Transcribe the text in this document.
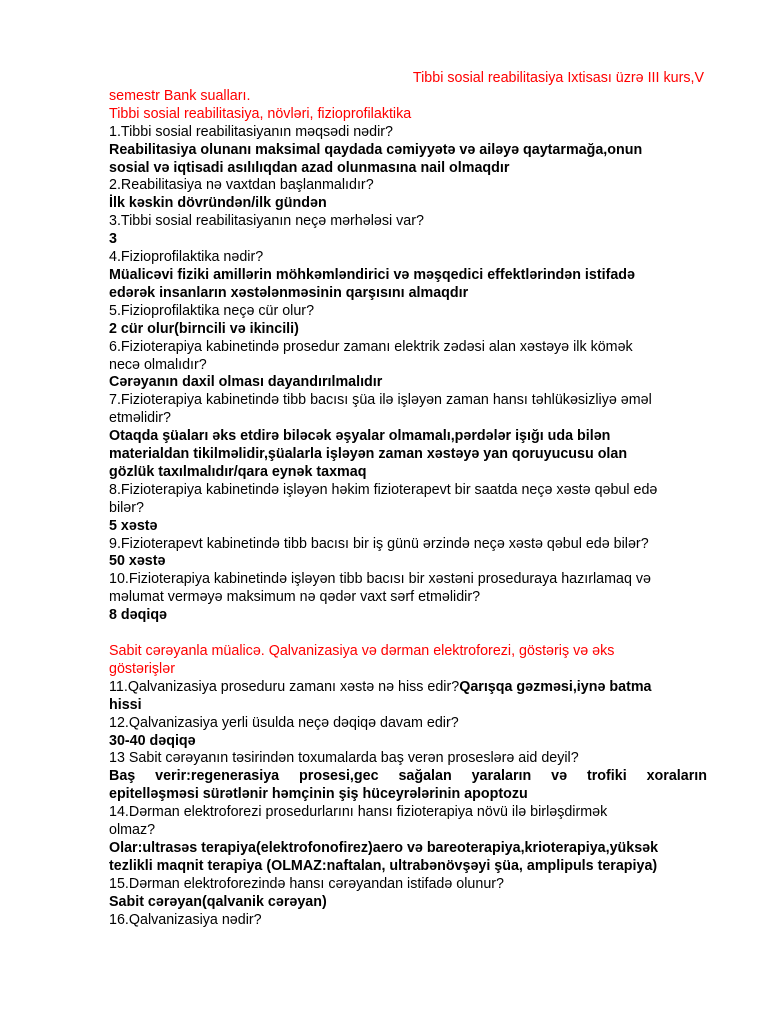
Tibbi sosial reabilitasiya Ixtisası üzrə III kurs,V
semestr Bank sualları.
Tibbi sosial reabilitasiya, növləri, fizioprofilaktika
1.Tibbi sosial reabilitasiyanın məqsədi nədir?
Reabilitasiya olunanı maksimal qaydada cəmiyyətə və ailəyə qaytarmağa,onun
sosial və iqtisadi asılılıqdan azad olunmasına nail olmaqdır
2.Reabilitasiya nə vaxtdan başlanmalıdır?
İlk kəskin dövründən/ilk gündən
3.Tibbi sosial reabilitasiyanın neçə mərhələsi var?
3
4.Fizioprofilaktika nədir?
Müalicəvi fiziki amillərin möhkəmləndirici və məşqedici effektlərindən istifadə
edərək insanların xəstələnməsinin qarşısını almaqdır
5.Fizioprofilaktika neçə cür olur?
2 cür olur(birncili və ikincili)
6.Fizioterapiya kabinetində prosedur zamanı elektrik zədəsi alan xəstəyə ilk kömək
necə olmalıdır?
Cərəyanın daxil olması dayandırılmalıdır
7.Fizioterapiya kabinetində tibb bacısı şüa ilə işləyən zaman hansı təhlükəsizliyə əməl
etməlidir?
Otaqda şüaları əks etdirə biləcək əşyalar olmamalı,pərdələr işığı uda bilən
materialdan tikilməlidir,şüalarla işləyən zaman xəstəyə yan qoruyucusu olan
gözlük taxılmalıdır/qara eynək taxmaq
8.Fizioterapiya kabinetində işləyən həkim fizioterapevt bir saatda neçə xəstə qəbul edə
bilər?
5 xəstə
9.Fizioterapevt kabinetində tibb bacısı bir iş günü ərzində neçə xəstə qəbul edə bilər?
50 xəstə
10.Fizioterapiya kabinetində işləyən tibb bacısı bir xəstəni proseduraya hazırlamaq və
məlumat verməyə maksimum nə qədər vaxt sərf etməlidir?
8 dəqiqə
Sabit cərəyanla müalicə. Qalvanizasiya və dərman elektroforezi, göstəriş və əks
göstərişlər
11.Qalvanizasiya proseduru zamanı xəstə nə hiss edir?Qarışqa gəzməsi,iynə batma
hissi
12.Qalvanizasiya yerli üsulda neçə dəqiqə davam edir?
30-40 dəqiqə
13 Sabit cərəyanın təsirindən toxumalarda baş verən proseslərə aid deyil?
Baş verir:regenerasiya prosesi,gec sağalan yaraların və trofiki xoraların
epitelləşməsi sürətlənir həmçinin şiş hüceyrələrinin apoptozu
14.Dərman elektroforezi prosedurlarını hansı fizioterapiya növü ilə birləşdirmək
olmaz?
Olar:ultrasəs terapiya(elektrofonofirez)aero və bareoterapiya,krioterapiya,yüksək
tezlikli maqnit terapiya (OLMAZ:naftalan, ultrabənövşəyi şüa, amplipuls terapiya)
15.Dərman elektroforezində hansı cərəyandan istifadə olunur?
Sabit cərəyan(qalvanik cərəyan)
16.Qalvanizasiya nədir?
